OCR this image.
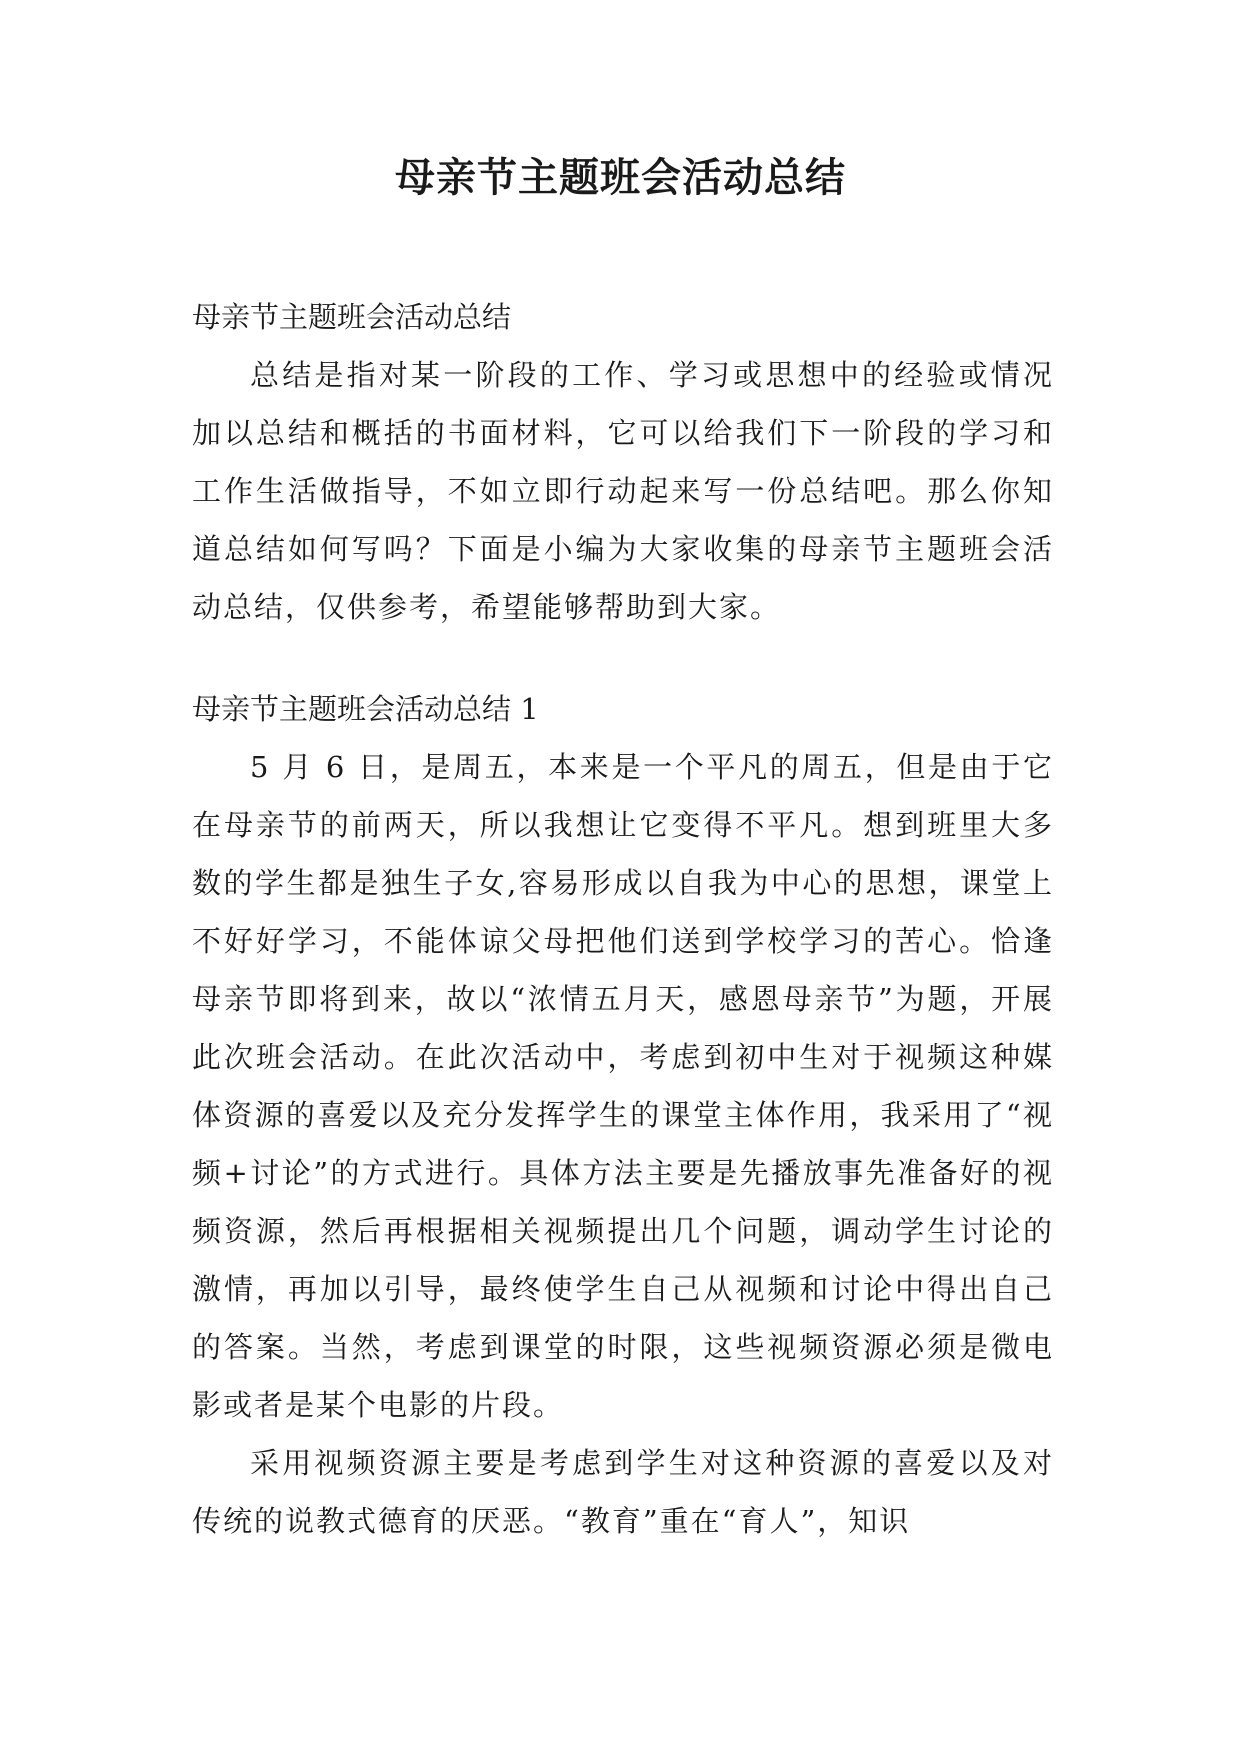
母亲节主题班会活动总结

母亲节主题班会活动总结

总结是指对某一阶段的工作、学习或思想中的经验或情况加以总结和概括的书面材料，它可以给我们下一阶段的学习和工作生活做指导，不如立即行动起来写一份总结吧。那么你知道总结如何写吗？下面是小编为大家收集的母亲节主题班会活动总结，仅供参考，希望能够帮助到大家。

母亲节主题班会活动总结 1

5 月 6 日，是周五，本来是一个平凡的周五，但是由于它在母亲节的前两天，所以我想让它变得不平凡。想到班里大多数的学生都是独生子女,容易形成以自我为中心的思想，课堂上不好好学习，不能体谅父母把他们送到学校学习的苦心。恰逢母亲节即将到来，故以“浓情五月天，感恩母亲节”为题，开展此次班会活动。在此次活动中，考虑到初中生对于视频这种媒体资源的喜爱以及充分发挥学生的课堂主体作用，我采用了“视频+讨论”的方式进行。具体方法主要是先播放事先准备好的视频资源，然后再根据相关视频提出几个问题，调动学生讨论的激情，再加以引导，最终使学生自己从视频和讨论中得出自己的答案。当然，考虑到课堂的时限，这些视频资源必须是微电影或者是某个电影的片段。

采用视频资源主要是考虑到学生对这种资源的喜爱以及对传统的说教式德育的厌恶。“教育”重在“育人”，知识
